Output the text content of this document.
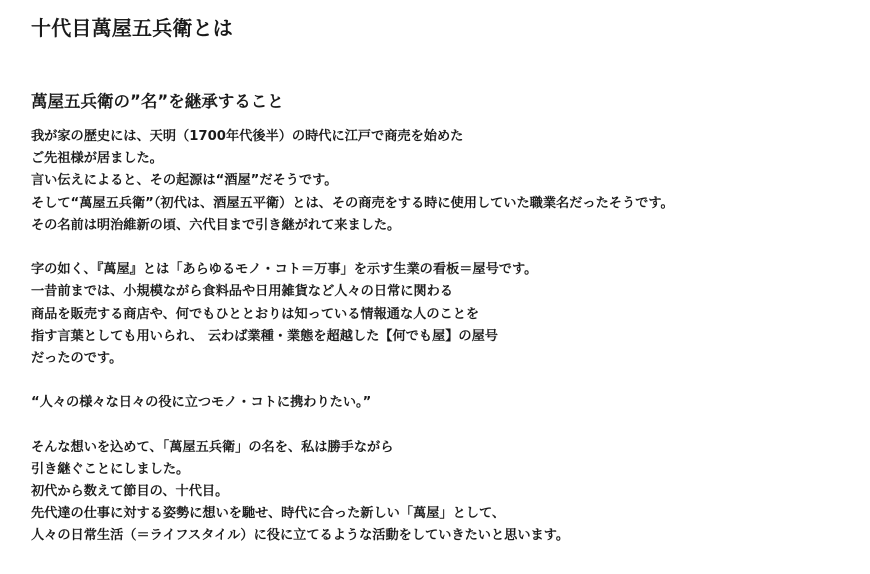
十代目萬屋五兵衛とは
萬屋五兵衛の”名”を継承すること
我が家の歴史には、天明（1700年代後半）の時代に江戸で商売を始めた
ご先祖様が居ました。
言い伝えによると、その起源は“酒屋”だそうです。
そして“萬屋五兵衛”（初代は、酒屋五平衛）とは、その商売をする時に使用していた職業名だったそうです。
その名前は明治維新の頃、六代目まで引き継がれて来ました。
字の如く、『萬屋』とは「あらゆるモノ・コト＝万事」を示す生業の看板＝屋号です。
一昔前までは、小規模ながら食料品や日用雑貨など人々の日常に関わる
商品を販売する商店や、何でもひととおりは知っている情報通な人のことを
指す言葉としても用いられ、 云わば業種・業態を超越した【何でも屋】の屋号
だったのです。
“人々の様々な日々の役に立つモノ・コトに携わりたい。”
そんな想いを込めて、「萬屋五兵衛」の名を、私は勝手ながら
引き継ぐことにしました。
初代から数えて節目の、十代目。
先代達の仕事に対する姿勢に想いを馳せ、時代に合った新しい「萬屋」として、
人々の日常生活（＝ライフスタイル）に役に立てるような活動をしていきたいと思います。
